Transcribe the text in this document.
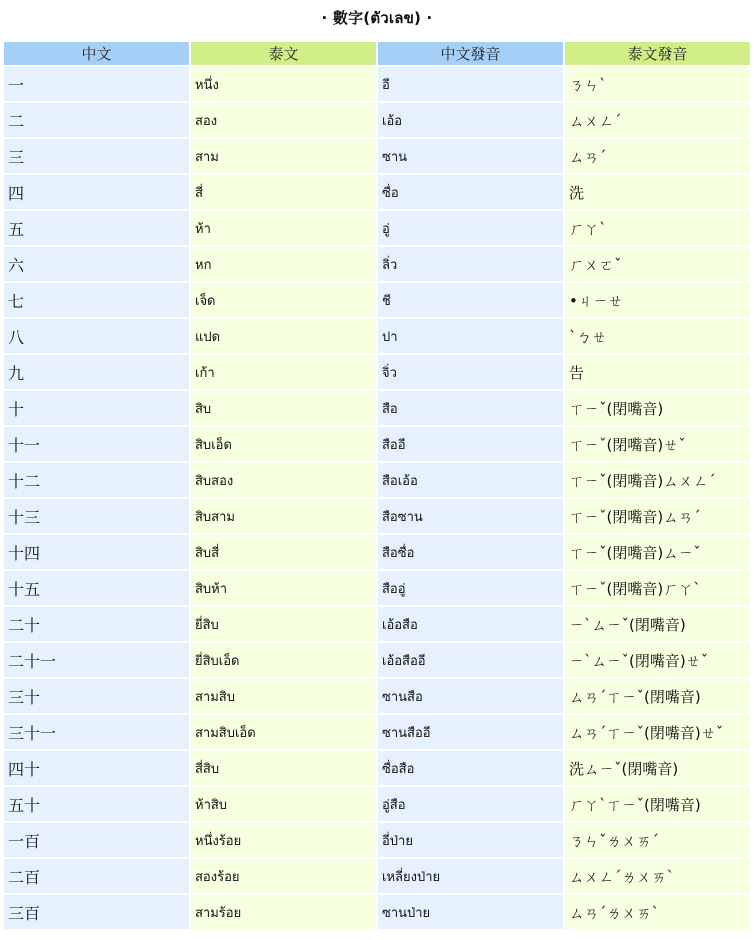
· 數字(ตัวเลข) ·
中文	泰文	中文發音	泰文發音
一	หนึ่ง	อี	ㄋㄣˋ
二	สอง	เอ้อ	ㄙㄨㄥˊ
三	สาม	ซาน	ㄙㄢˊ
四	สี่	ซื่อ	洗
五	ห้า	อู่	ㄏㄚˋ
六	หก	ลิ่ว	ㄏㄨㄛˇ
七	เจ็ด	ชี	•ㄐㄧㄝ
八	แปด	ปา	ˋㄅㄝ
九	เก้า	จิ่ว	告
十	สิบ	สือ	ㄒㄧˇ(閉嘴音)
十一	สิบเอ็ด	สืออี	ㄒㄧˇ(閉嘴音)ㄝˇ
十二	สิบสอง	สือเอ้อ	ㄒㄧˇ(閉嘴音)ㄙㄨㄥˊ
十三	สิบสาม	สือซาน	ㄒㄧˇ(閉嘴音)ㄙㄢˊ
十四	สิบสี่	สือซื่อ	ㄒㄧˇ(閉嘴音)ㄙㄧˇ
十五	สิบห้า	สืออู่	ㄒㄧˇ(閉嘴音)ㄏㄚˋ
二十	ยี่สิบ	เอ้อสือ	ㄧˋㄙㄧˇ(閉嘴音)
二十一	ยี่สิบเอ็ด	เอ้อสืออี	ㄧˋㄙㄧˇ(閉嘴音)ㄝˇ
三十	สามสิบ	ซานสือ	ㄙㄢˊㄒㄧˇ(閉嘴音)
三十一	สามสิบเอ็ด	ซานสืออี	ㄙㄢˊㄒㄧˇ(閉嘴音)ㄝˇ
四十	สี่สิบ	ซื่อสือ	洗ㄙㄧˇ(閉嘴音)
五十	ห้าสิบ	อู่สือ	ㄏㄚˋㄒㄧˇ(閉嘴音)
一百	หนึ่งร้อย	อี่ป่าย	ㄋㄣˇㄌㄨㄞˊ
二百	สองร้อย	เหลี่ยงป่าย	ㄙㄨㄥˊㄌㄨㄞˋ
三百	สามร้อย	ซานป่าย	ㄙㄢˊㄌㄨㄞˋ
